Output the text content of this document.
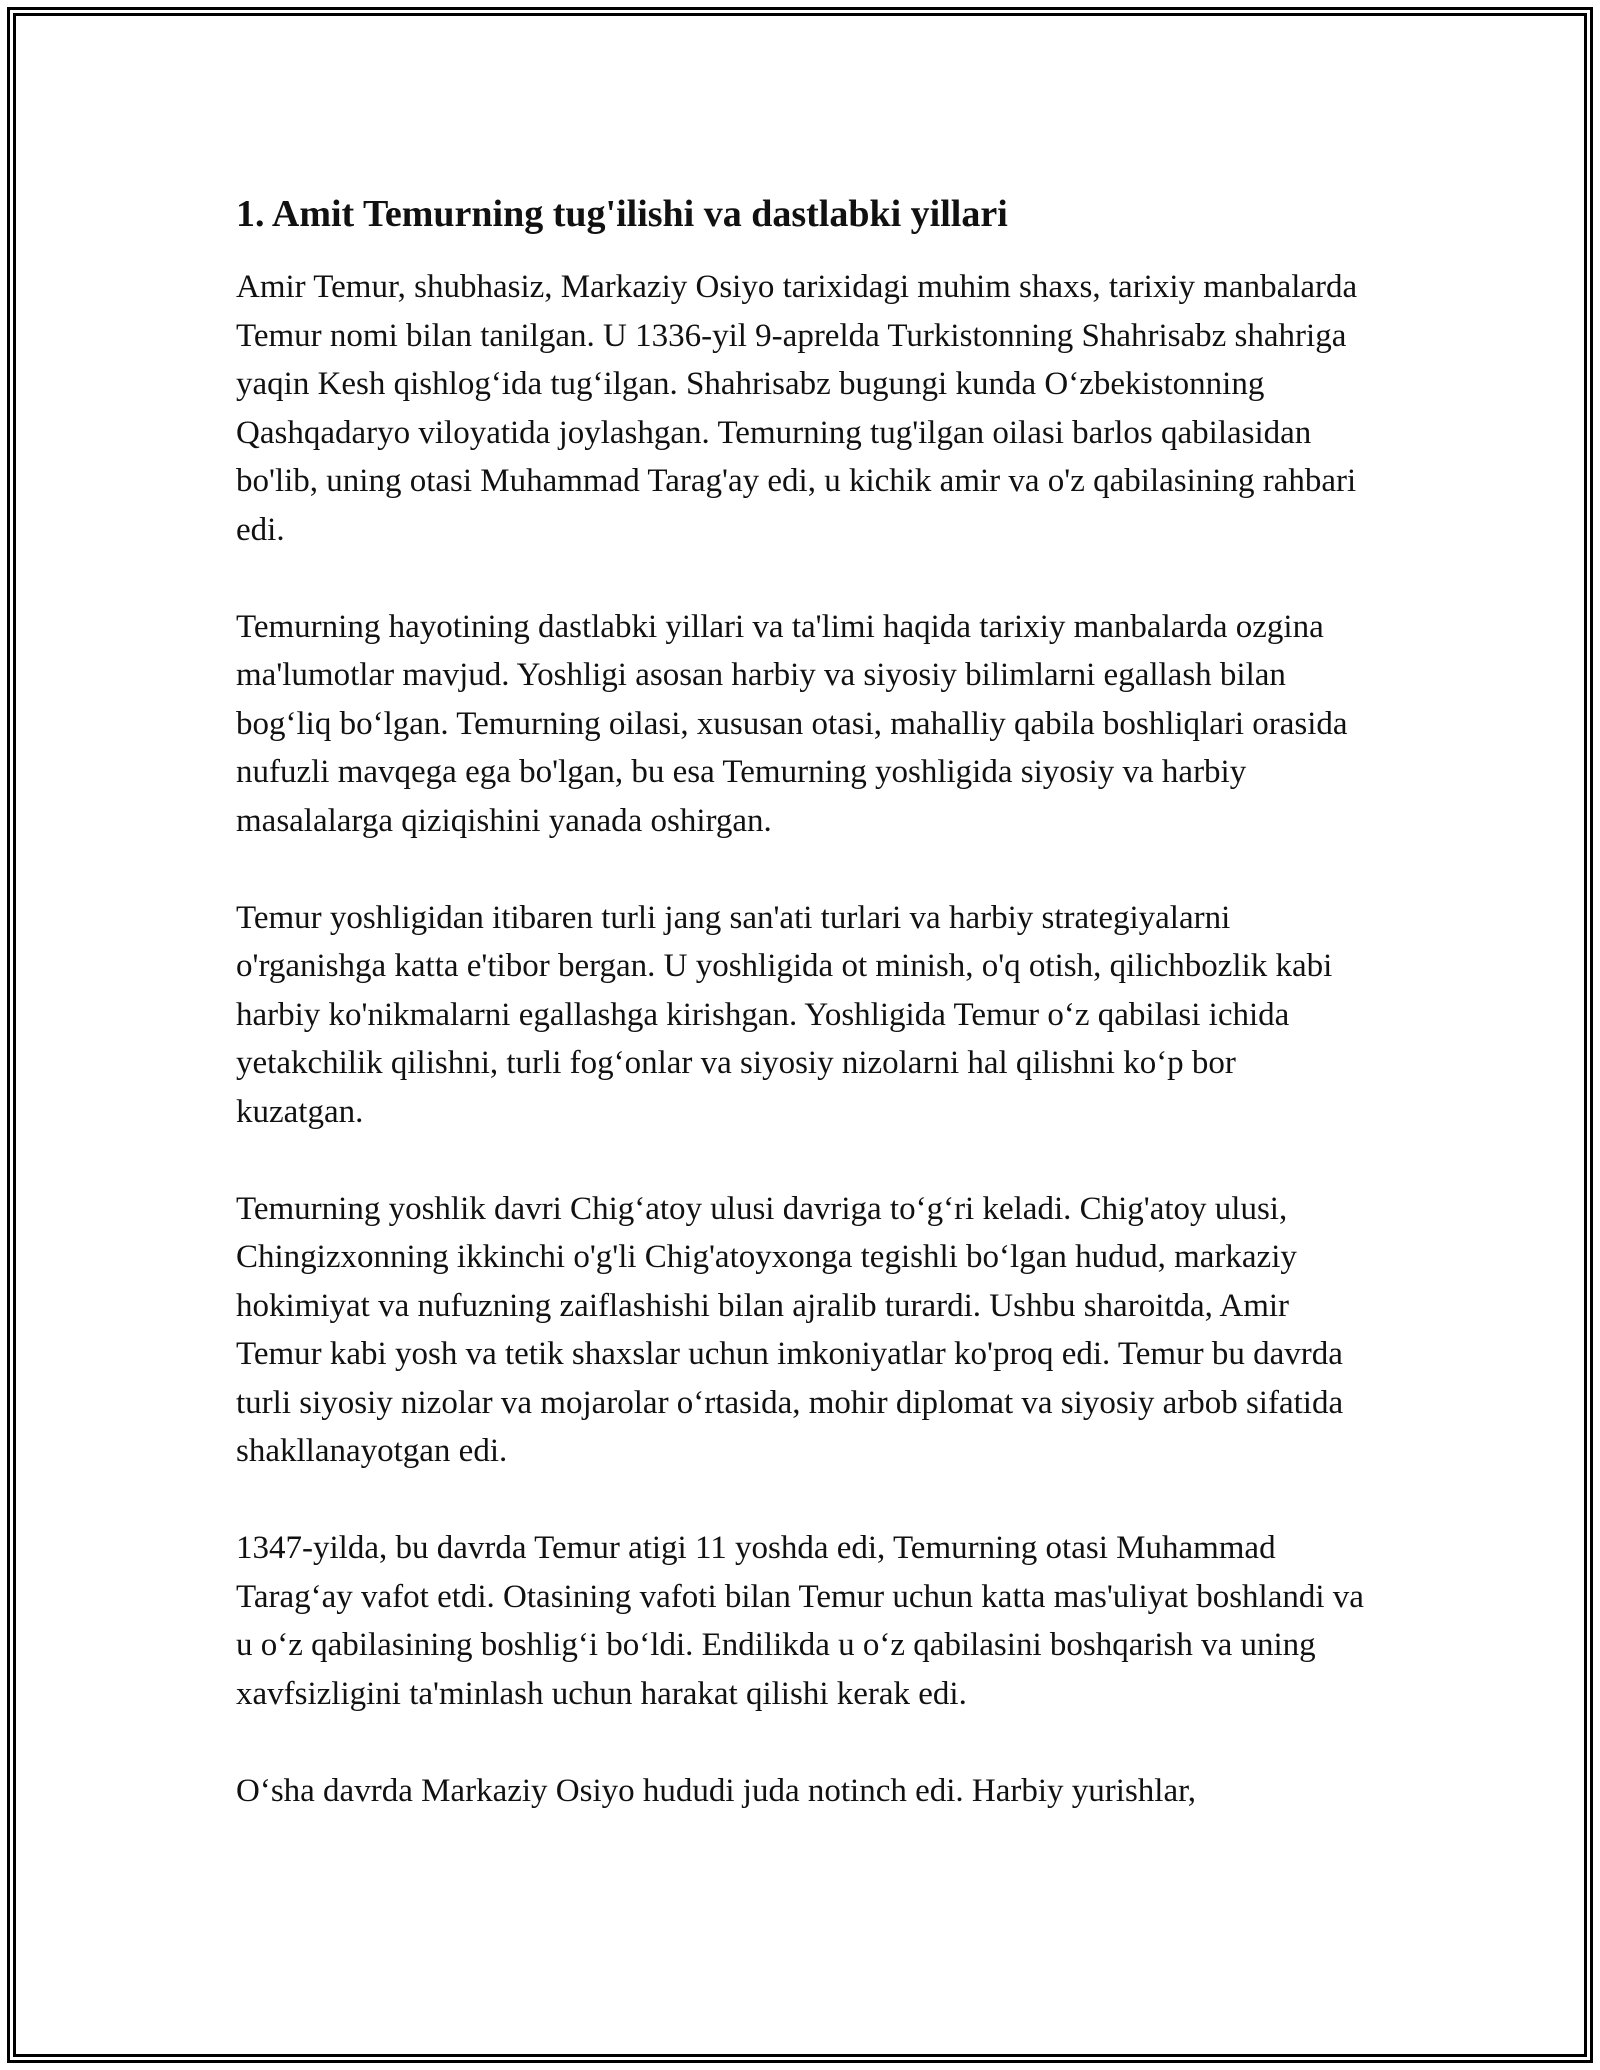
1. Amit Temurning tug'ilishi va dastlabki yillari

Amir Temur, shubhasiz, Markaziy Osiyo tarixidagi muhim shaxs, tarixiy manbalarda Temur nomi bilan tanilgan. U 1336-yil 9-aprelda Turkistonning Shahrisabz shahriga yaqin Kesh qishlog‘ida tug‘ilgan. Shahrisabz bugungi kunda O‘zbekistonning Qashqadaryo viloyatida joylashgan. Temurning tug'ilgan oilasi barlos qabilasidan bo'lib, uning otasi Muhammad Tarag'ay edi, u kichik amir va o'z qabilasining rahbari edi.

Temurning hayotining dastlabki yillari va ta'limi haqida tarixiy manbalarda ozgina ma'lumotlar mavjud. Yoshligi asosan harbiy va siyosiy bilimlarni egallash bilan bog‘liq bo‘lgan. Temurning oilasi, xususan otasi, mahalliy qabila boshliqlari orasida nufuzli mavqega ega bo'lgan, bu esa Temurning yoshligida siyosiy va harbiy masalalarga qiziqishini yanada oshirgan.

Temur yoshligidan itibaren turli jang san'ati turlari va harbiy strategiyalarni o'rganishga katta e'tibor bergan. U yoshligida ot minish, o'q otish, qilichbozlik kabi harbiy ko'nikmalarni egallashga kirishgan. Yoshligida Temur o‘z qabilasi ichida yetakchilik qilishni, turli fog‘onlar va siyosiy nizolarni hal qilishni ko‘p bor kuzatgan.

Temurning yoshlik davri Chig‘atoy ulusi davriga to‘g‘ri keladi. Chig'atoy ulusi, Chingizxonning ikkinchi o'g'li Chig'atoyxonga tegishli bo‘lgan hudud, markaziy hokimiyat va nufuzning zaiflashishi bilan ajralib turardi. Ushbu sharoitda, Amir Temur kabi yosh va tetik shaxslar uchun imkoniyatlar ko'proq edi. Temur bu davrda turli siyosiy nizolar va mojarolar o‘rtasida, mohir diplomat va siyosiy arbob sifatida shakllanayotgan edi.

1347-yilda, bu davrda Temur atigi 11 yoshda edi, Temurning otasi Muhammad Tarag‘ay vafot etdi. Otasining vafoti bilan Temur uchun katta mas'uliyat boshlandi va u o‘z qabilasining boshlig‘i bo‘ldi. Endilikda u o‘z qabilasini boshqarish va uning xavfsizligini ta'minlash uchun harakat qilishi kerak edi.

O‘sha davrda Markaziy Osiyo hududi juda notinch edi. Harbiy yurishlar,
